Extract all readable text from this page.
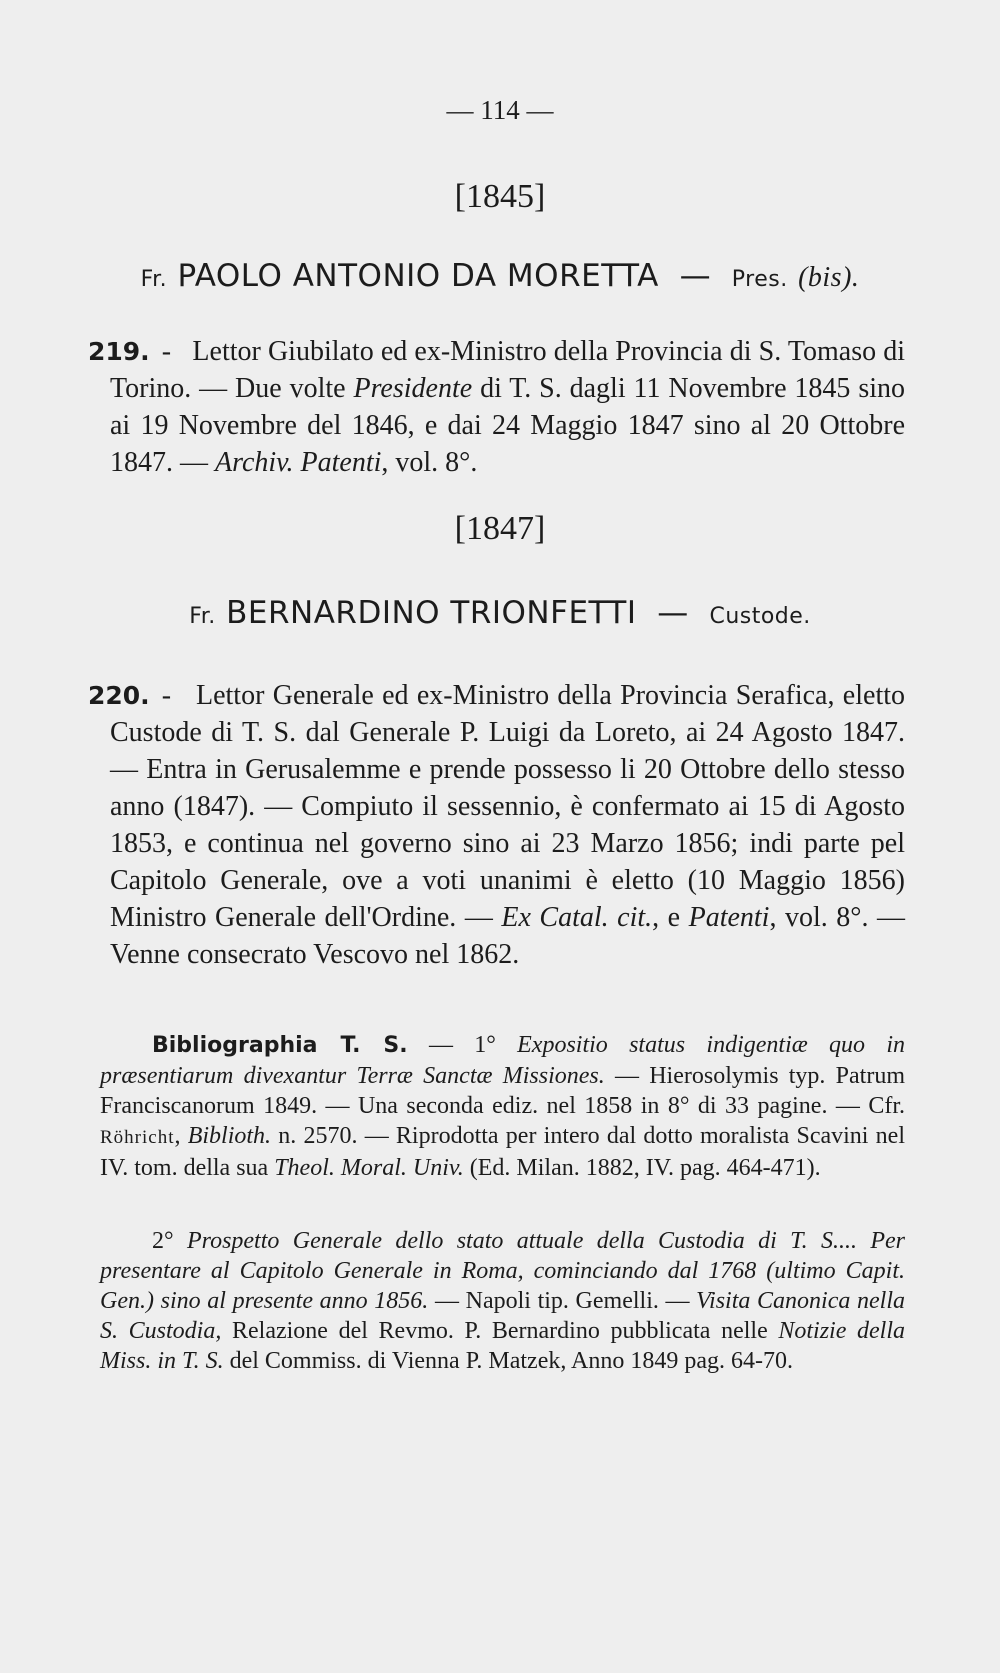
— 114 —
[1845]
Fr. PAOLO ANTONIO DA MORETTA — Pres. (bis).
219. - Lettor Giubilato ed ex-Ministro della Provincia di S. Tomaso di Torino. — Due volte Presidente di T. S. dagli 11 Novembre 1845 sino ai 19 Novembre del 1846, e dai 24 Maggio 1847 sino al 20 Ottobre 1847. — Archiv. Patenti, vol. 8°.
[1847]
Fr. BERNARDINO TRIONFETTI — Custode.
220. - Lettor Generale ed ex-Ministro della Provincia Serafica, eletto Custode di T. S. dal Generale P. Luigi da Loreto, ai 24 Agosto 1847. — Entra in Gerusalemme e prende possesso li 20 Ottobre dello stesso anno (1847). — Compiuto il sessennio, è confermato ai 15 di Agosto 1853, e continua nel governo sino ai 23 Marzo 1856; indi parte pel Capitolo Generale, ove a voti unanimi è eletto (10 Maggio 1856) Ministro Generale dell'Ordine. — Ex Catal. cit., e Patenti, vol. 8°. — Venne consecrato Vescovo nel 1862.
Bibliographia T. S. — 1° Expositio status indigentiæ quo in præsentiarum divexantur Terræ Sanctæ Missiones. — Hierosolymis typ. Patrum Franciscanorum 1849. — Una seconda ediz. nel 1858 in 8° di 33 pagine. — Cfr. Röhricht, Biblioth. n. 2570. — Riprodotta per intero dal dotto moralista Scavini nel IV. tom. della sua Theol. Moral. Univ. (Ed. Milan. 1882, IV. pag. 464-471).
2° Prospetto Generale dello stato attuale della Custodia di T. S.... Per presentare al Capitolo Generale in Roma, cominciando dal 1768 (ultimo Capit. Gen.) sino al presente anno 1856. — Napoli tip. Gemelli. — Visita Canonica nella S. Custodia, Relazione del Revmo. P. Bernardino pubblicata nelle Notizie della Miss. in T. S. del Commiss. di Vienna P. Matzek, Anno 1849 pag. 64-70.
